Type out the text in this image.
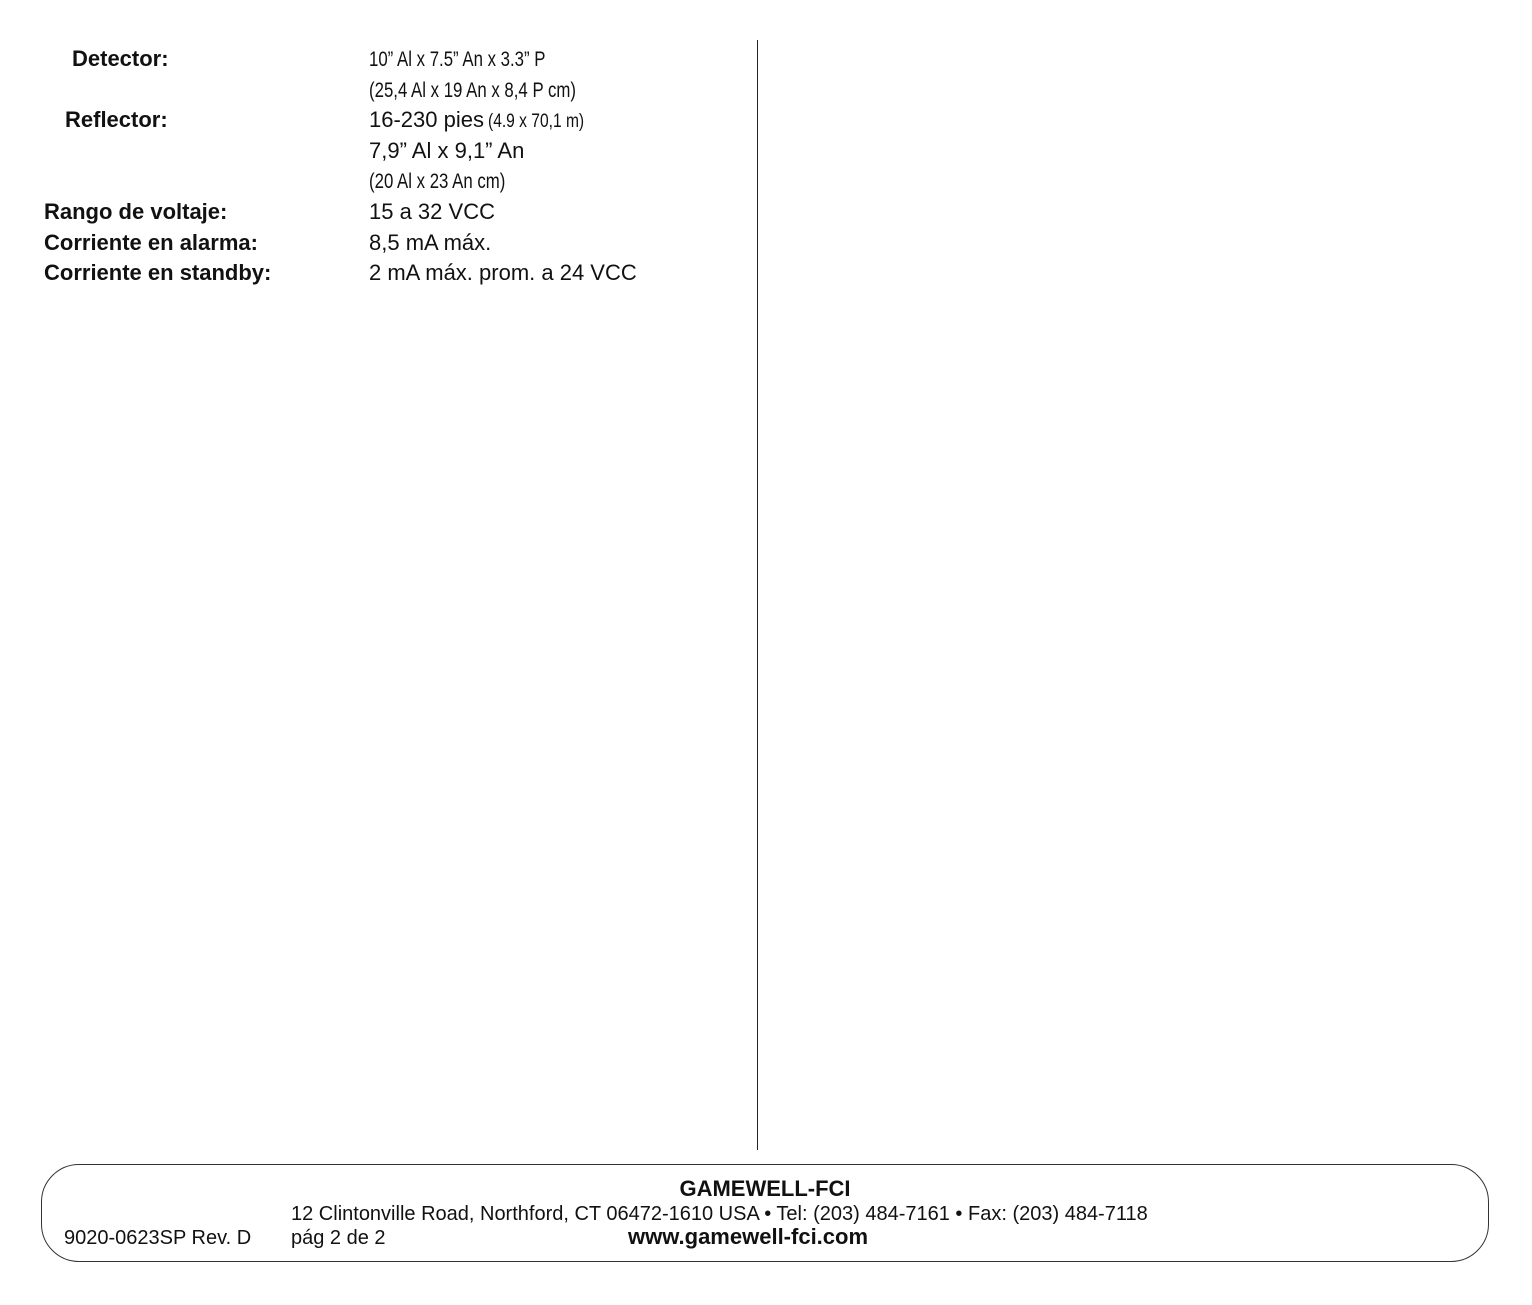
Detector:	10” Al x 7.5” An x 3.3” P
(25,4 Al x 19 An x 8,4 P cm)
Reflector:	16-230 pies (4.9 x 70,1 m)
7,9” Al x 9,1” An
(20 Al x 23 An cm)
Rango de voltaje:	15 a 32 VCC
Corriente en alarma:	8,5 mA máx.
Corriente en standby:	2 mA máx. prom. a 24 VCC
GAMEWELL-FCI
12 Clintonville Road, Northford, CT 06472-1610 USA • Tel: (203) 484-7161 • Fax: (203) 484-7118
9020-0623SP Rev. D pág 2 de 2	www.gamewell-fci.com
